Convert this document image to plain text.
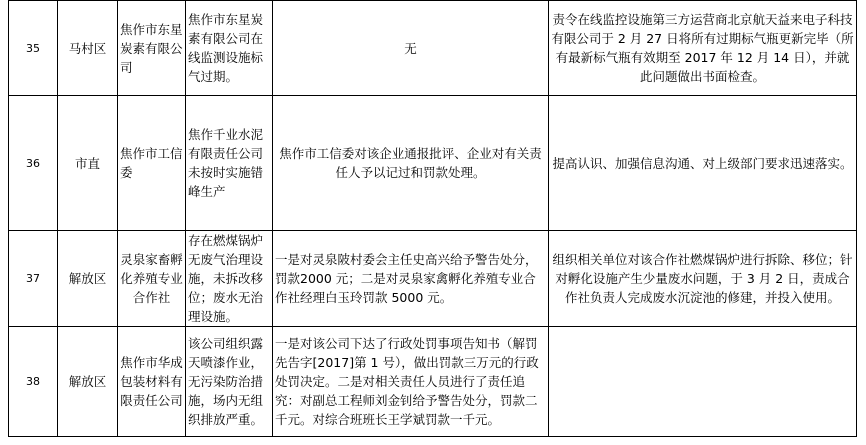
35	马村区	焦作市东星炭素有限公司	焦作市东星炭素有限公司在线监测设施标气过期。	无	责令在线监控设施第三方运营商北京航天益来电子科技有限公司于 2 月 27 日将所有过期标气瓶更新完毕（所有最新标气瓶有效期至 2017 年 12 月 14 日），并就此问题做出书面检查。
36	市直	焦作市工信委	焦作千业水泥有限责任公司未按时实施错峰生产	焦作市工信委对该企业通报批评、企业对有关责任人予以记过和罚款处理。	提高认识、加强信息沟通、对上级部门要求迅速落实。
37	解放区	灵泉家畜孵化养殖专业合作社	存在燃煤锅炉无废气治理设施，未拆改移位；废水无治理设施。	一是对灵泉陂村委会主任史高兴给予警告处分，罚款2000 元；二是对灵泉家禽孵化养殖专业合作社经理白玉玲罚款 5000 元。	组织相关单位对该合作社燃煤锅炉进行拆除、移位；针对孵化设施产生少量废水问题，于 3 月 2 日，责成合作社负责人完成废水沉淀池的修建，并投入使用。
38	解放区	焦作市华成包装材料有限责任公司	该公司组织露天喷漆作业，无污染防治措施，场内无组织排放严重。	一是对该公司下达了行政处罚事项告知书（解罚先告字[2017]第 1 号），做出罚款三万元的行政处罚决定。二是对相关责任人员进行了责任追究：对副总工程师刘金钊给予警告处分，罚款二千元。对综合班班长王学斌罚款一千元。	
